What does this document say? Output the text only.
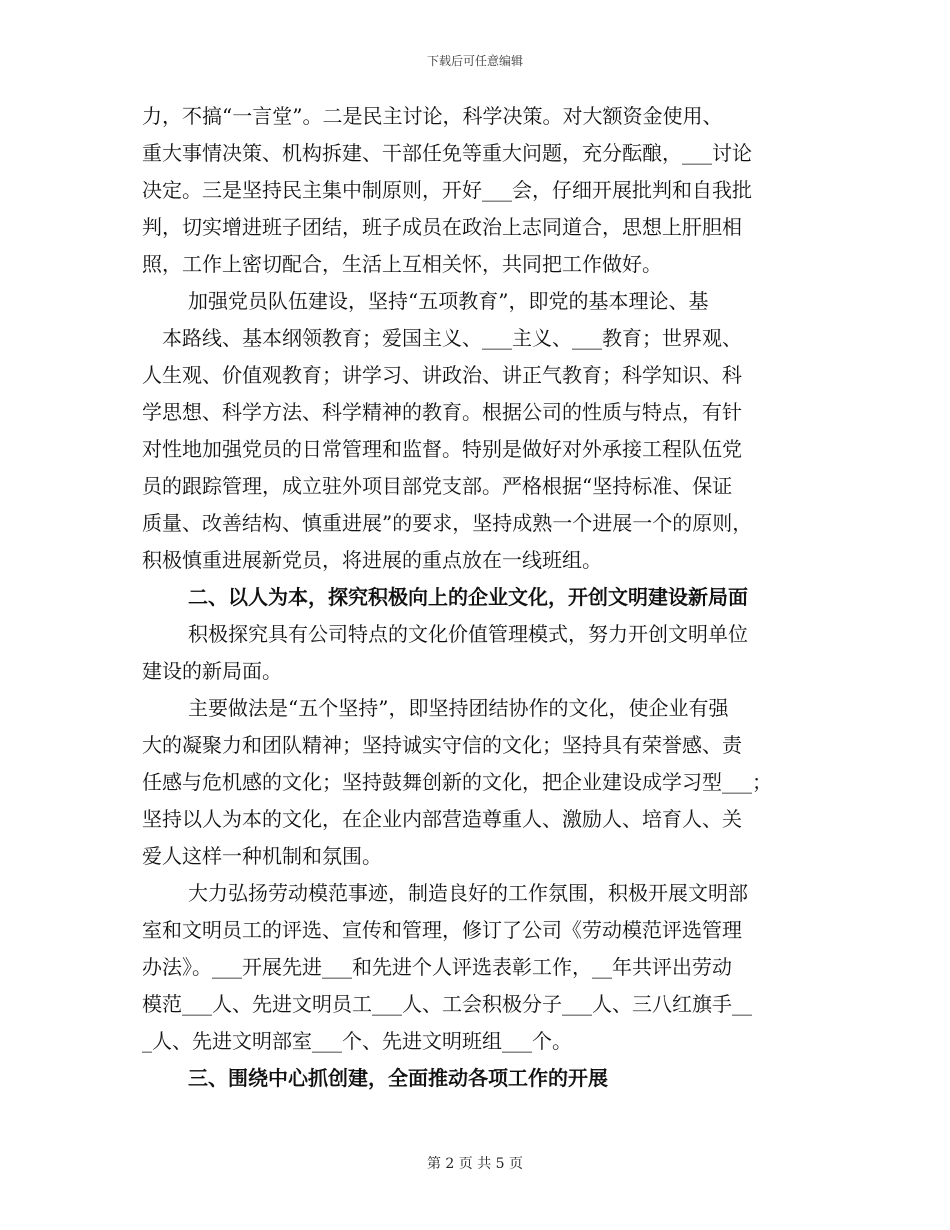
下载后可任意编辑
力，不搞“一言堂”。二是民主讨论，科学决策。对大额资金使用、
重大事情决策、机构拆建、干部任免等重大问题，充分酝酿，___讨论
决定。三是坚持民主集中制原则，开好___会，仔细开展批判和自我批
判，切实增进班子团结，班子成员在政治上志同道合，思想上肝胆相
照，工作上密切配合，生活上互相关怀，共同把工作做好。
加强党员队伍建设，坚持“五项教育”，即党的基本理论、基
本路线、基本纲领教育；爱国主义、___主义、___教育；世界观、
人生观、价值观教育；讲学习、讲政治、讲正气教育；科学知识、科
学思想、科学方法、科学精神的教育。根据公司的性质与特点，有针
对性地加强党员的日常管理和监督。特别是做好对外承接工程队伍党
员的跟踪管理，成立驻外项目部党支部。严格根据“坚持标准、保证
质量、改善结构、慎重进展”的要求，坚持成熟一个进展一个的原则，
积极慎重进展新党员，将进展的重点放在一线班组。
二、以人为本，探究积极向上的企业文化，开创文明建设新局面
积极探究具有公司特点的文化价值管理模式，努力开创文明单位
建设的新局面。
主要做法是“五个坚持”，即坚持团结协作的文化，使企业有强
大的凝聚力和团队精神；坚持诚实守信的文化；坚持具有荣誉感、责
任感与危机感的文化；坚持鼓舞创新的文化，把企业建设成学习型___；
坚持以人为本的文化，在企业内部营造尊重人、激励人、培育人、关
爱人这样一种机制和氛围。
大力弘扬劳动模范事迹，制造良好的工作氛围，积极开展文明部
室和文明员工的评选、宣传和管理，修订了公司《劳动模范评选管理
办法》。___开展先进___和先进个人评选表彰工作，__年共评出劳动
模范___人、先进文明员工___人、工会积极分子___人、三八红旗手__
_人、先进文明部室___个、先进文明班组___个。
三、围绕中心抓创建，全面推动各项工作的开展
第 2 页 共 5 页
